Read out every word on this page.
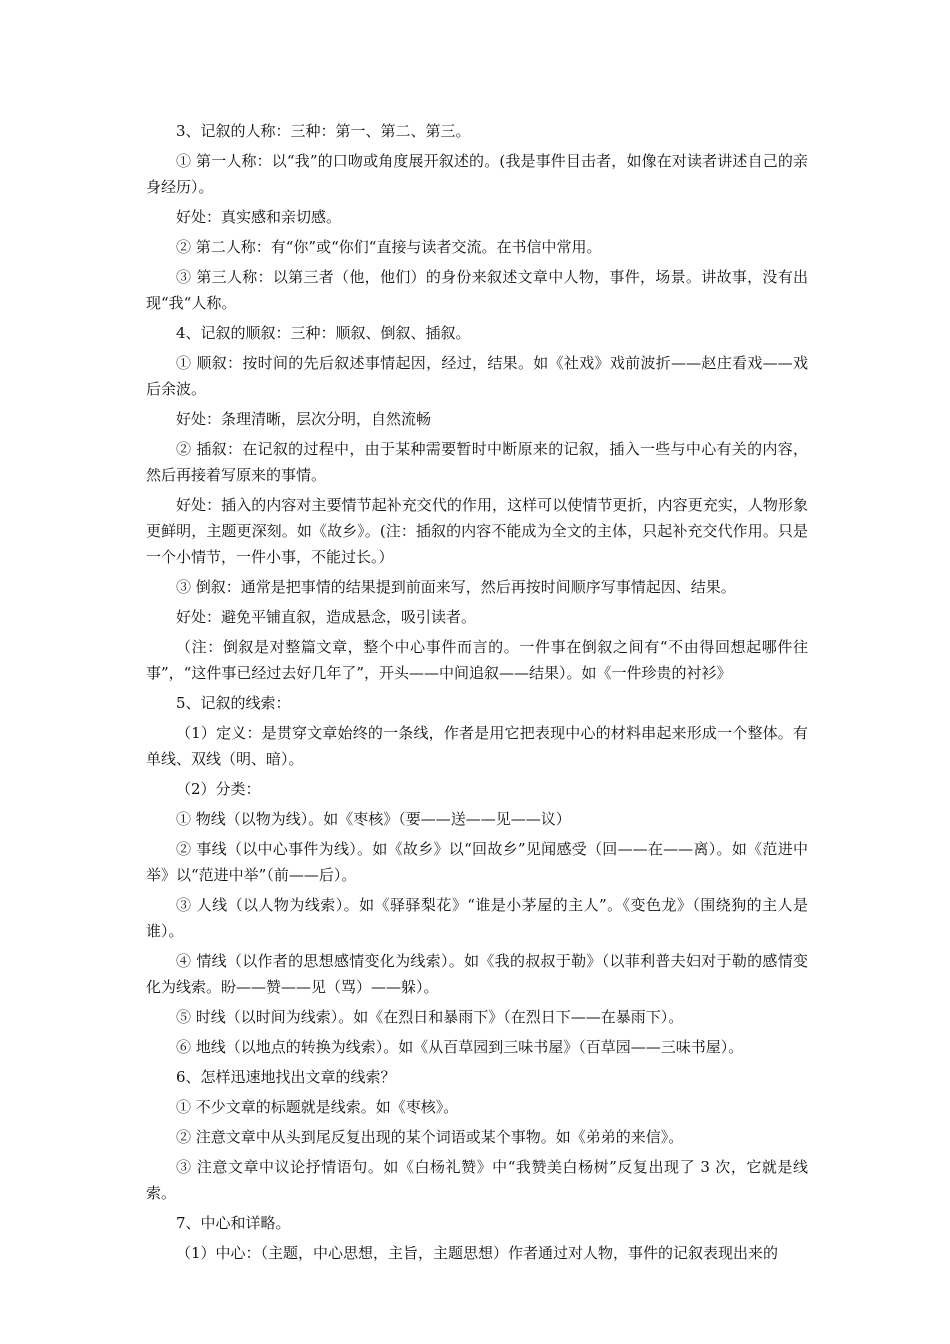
3、记叙的人称：三种：第一、第二、第三。

① 第一人称：以“我”的口吻或角度展开叙述的。(我是事件目击者，如像在对读者讲述自己的亲身经历）。

好处：真实感和亲切感。

② 第二人称：有“你”或“你们“直接与读者交流。在书信中常用。

③ 第三人称：以第三者（他，他们）的身份来叙述文章中人物，事件，场景。讲故事，没有出现“我“人称。

4、记叙的顺叙：三种：顺叙、倒叙、插叙。

① 顺叙：按时间的先后叙述事情起因，经过，结果。如《社戏》戏前波折——赵庄看戏——戏后余波。

好处：条理清晰，层次分明，自然流畅

② 插叙：在记叙的过程中，由于某种需要暂时中断原来的记叙，插入一些与中心有关的内容，然后再接着写原来的事情。

好处：插入的内容对主要情节起补充交代的作用，这样可以使情节更折，内容更充实，人物形象更鲜明，主题更深刻。如《故乡》。(注：插叙的内容不能成为全文的主体，只起补充交代作用。只是一个小情节，一件小事，不能过长。）

③ 倒叙：通常是把事情的结果提到前面来写，然后再按时间顺序写事情起因、结果。

好处：避免平铺直叙，造成悬念，吸引读者。

（注：倒叙是对整篇文章，整个中心事件而言的。一件事在倒叙之间有“不由得回想起哪件往事”，“这件事已经过去好几年了”，开头——中间追叙——结果）。如《一件珍贵的衬衫》

5、记叙的线索：

（1）定义：是贯穿文章始终的一条线，作者是用它把表现中心的材料串起来形成一个整体。有单线、双线（明、暗）。

（2）分类：

① 物线（以物为线）。如《枣核》（要——送——见——议）

② 事线（以中心事件为线）。如《故乡》以“回故乡”见闻感受（回——在——离）。如《范进中举》以“范进中举”（前——后）。

③ 人线（以人物为线索）。如《驿驿梨花》“谁是小茅屋的主人”。《变色龙》（围绕狗的主人是谁）。

④ 情线（以作者的思想感情变化为线索）。如《我的叔叔于勒》（以菲利普夫妇对于勒的感情变化为线索。盼——赞——见（骂）——躲）。

⑤ 时线（以时间为线索）。如《在烈日和暴雨下》（在烈日下——在暴雨下）。

⑥ 地线（以地点的转换为线索）。如《从百草园到三味书屋》（百草园——三味书屋）。

6、怎样迅速地找出文章的线索？

① 不少文章的标题就是线索。如《枣核》。

② 注意文章中从头到尾反复出现的某个词语或某个事物。如《弟弟的来信》。

③ 注意文章中议论抒情语句。如《白杨礼赞》中“我赞美白杨树”反复出现了 3 次，它就是线索。

7、中心和详略。

（1）中心：（主题，中心思想，主旨，主题思想）作者通过对人物，事件的记叙表现出来的
